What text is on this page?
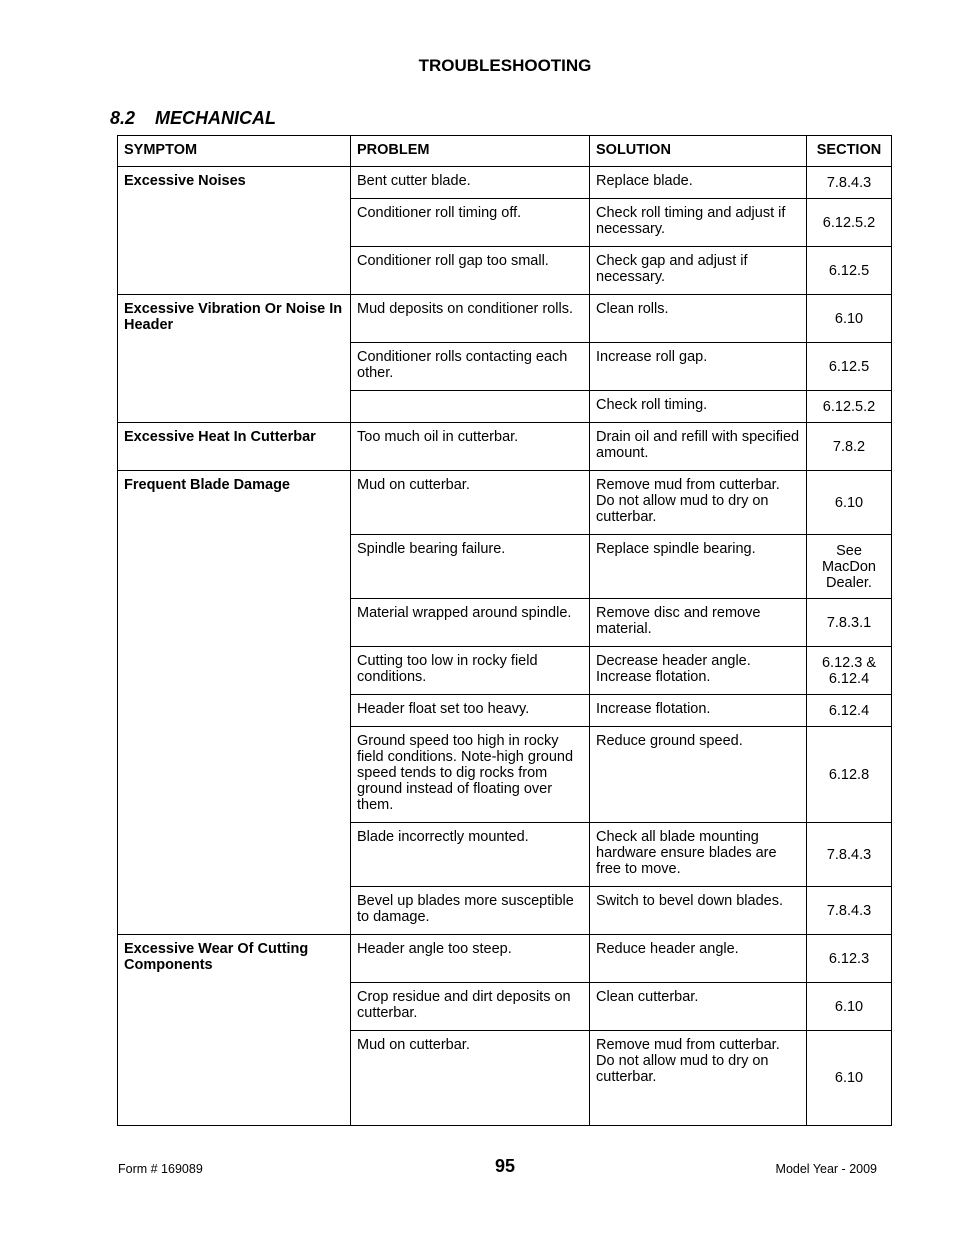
TROUBLESHOOTING
8.2 MECHANICAL
SYMPTOM	PROBLEM	SOLUTION	SECTION
Excessive Noises	Bent cutter blade.	Replace blade.	7.8.4.3
	Conditioner roll timing off.	Check roll timing and adjust if necessary.	6.12.5.2
	Conditioner roll gap too small.	Check gap and adjust if necessary.	6.12.5
Excessive Vibration Or Noise In Header	Mud deposits on conditioner rolls.	Clean rolls.	6.10
	Conditioner rolls contacting each other.	Increase roll gap.	6.12.5
		Check roll timing.	6.12.5.2
Excessive Heat In Cutterbar	Too much oil in cutterbar.	Drain oil and refill with specified amount.	7.8.2
Frequent Blade Damage	Mud on cutterbar.	Remove mud from cutterbar. Do not allow mud to dry on cutterbar.	6.10
	Spindle bearing failure.	Replace spindle bearing.	See MacDon Dealer.
	Material wrapped around spindle.	Remove disc and remove material.	7.8.3.1
	Cutting too low in rocky field conditions.	Decrease header angle. Increase flotation.	6.12.3 & 6.12.4
	Header float set too heavy.	Increase flotation.	6.12.4
	Ground speed too high in rocky field conditions. Note-high ground speed tends to dig rocks from ground instead of floating over them.	Reduce ground speed.	6.12.8
	Blade incorrectly mounted.	Check all blade mounting hardware ensure blades are free to move.	7.8.4.3
	Bevel up blades more susceptible to damage.	Switch to bevel down blades.	7.8.4.3
Excessive Wear Of Cutting Components	Header angle too steep.	Reduce header angle.	6.12.3
	Crop residue and dirt deposits on cutterbar.	Clean cutterbar.	6.10
	Mud on cutterbar.	Remove mud from cutterbar. Do not allow mud to dry on cutterbar.	6.10
Form # 169089	95	Model Year - 2009
